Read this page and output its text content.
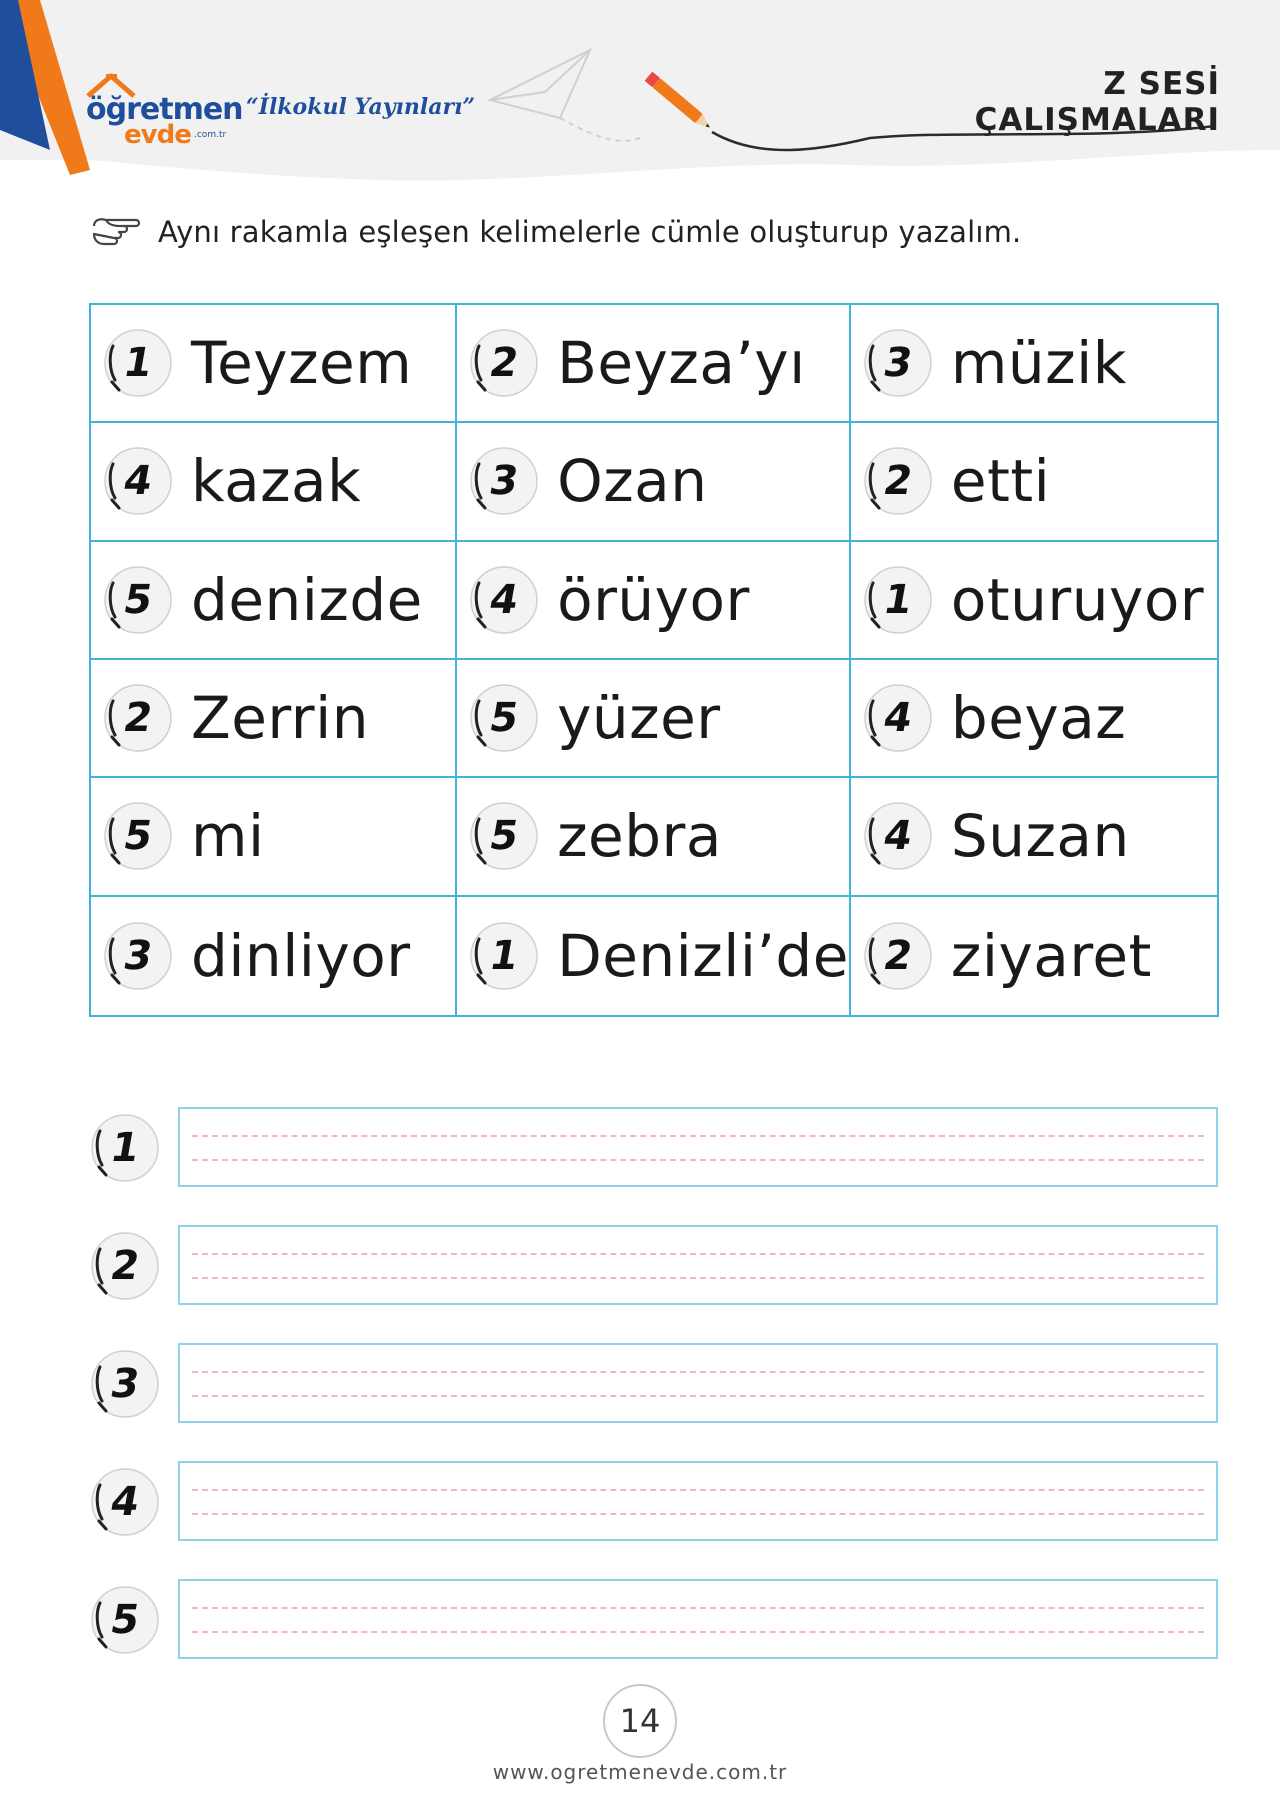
öğretmen
evde .com.tr
“İlkokul Yayınları”
Z SESİ ÇALIŞMALARI
Aynı rakamla eşleşen kelimelerle cümle oluşturup yazalım.
1 Teyzem	2 Beyza’yı	3 müzik
4 kazak	3 Ozan	2 etti
5 denizde	4 örüyor	1 oturuyor
2 Zerrin	5 yüzer	4 beyaz
5 mi	5 zebra	4 Suzan
3 dinliyor	1 Denizli’de 2 ziyaret
1
2
3
4
5
14
www.ogretmenevde.com.tr
